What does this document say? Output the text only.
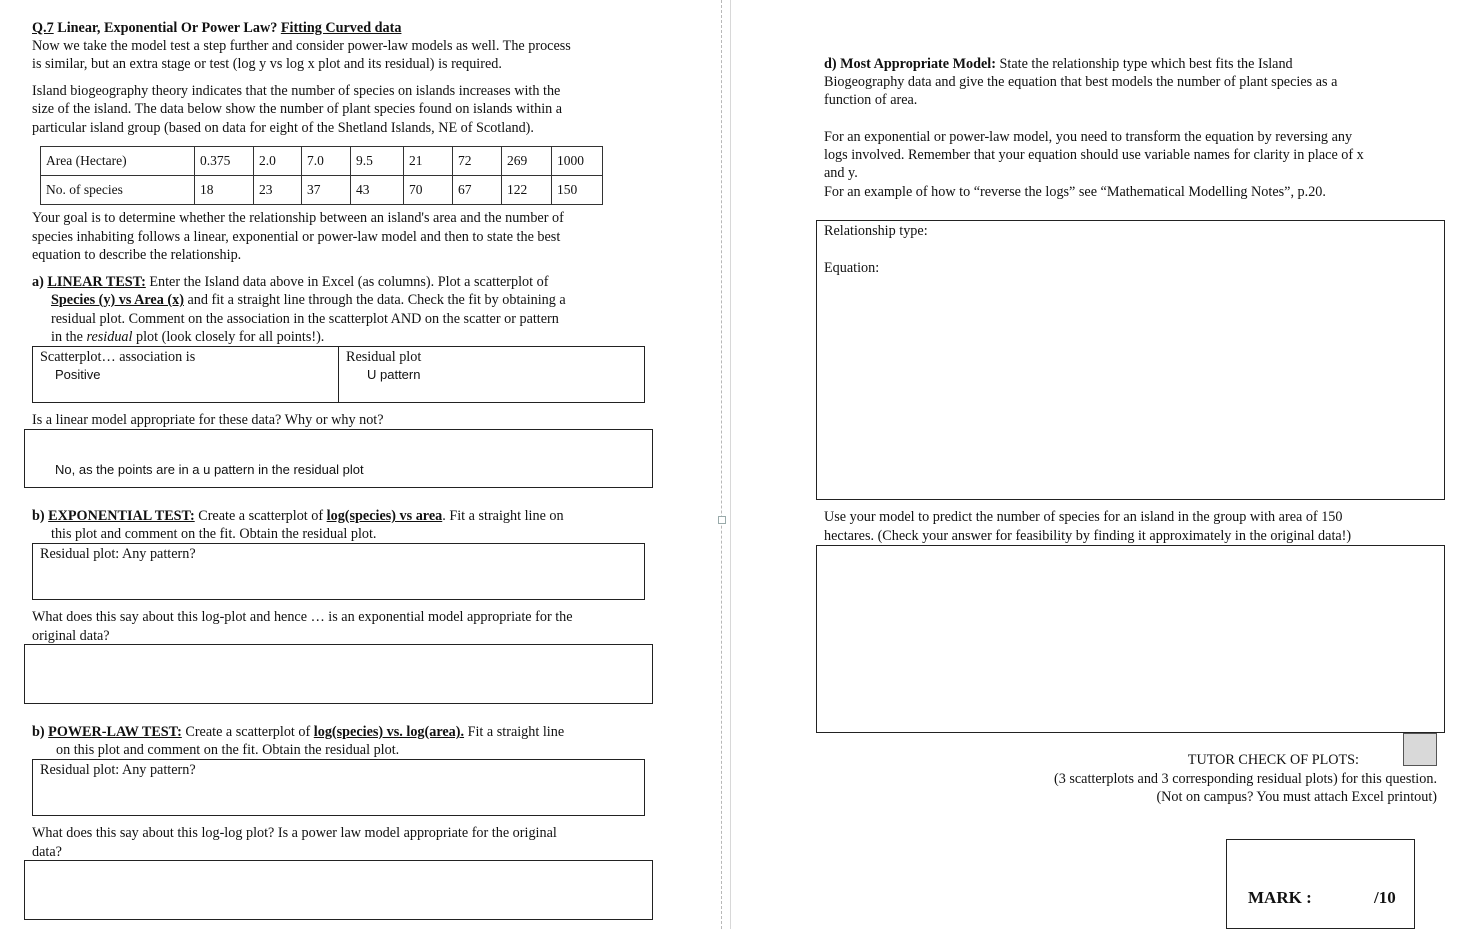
Q.7 Linear, Exponential Or Power Law? Fitting Curved data
Now we take the model test a step further and consider power-law models as well. The process
is similar, but an extra stage or test (log y vs log x plot and its residual) is required.
Island biogeography theory indicates that the number of species on islands increases with the
size of the island. The data below show the number of plant species found on islands within a
particular island group (based on data for eight of the Shetland Islands, NE of Scotland).
Area (Hectare)	0.375	2.0	7.0	9.5	21	72	269	1000
No. of species	18	23	37	43	70	67	122	150
Your goal is to determine whether the relationship between an island's area and the number of
species inhabiting follows a linear, exponential or power-law model and then to state the best
equation to describe the relationship.
a) LINEAR TEST: Enter the Island data above in Excel (as columns). Plot a scatterplot of
Species (y) vs Area (x) and fit a straight line through the data. Check the fit by obtaining a
residual plot. Comment on the association in the scatterplot AND on the scatter or pattern
in the residual plot (look closely for all points!).
Scatterplot… association is
Positive
Residual plot
U pattern
Is a linear model appropriate for these data? Why or why not?
No, as the points are in a u pattern in the residual plot
b) EXPONENTIAL TEST: Create a scatterplot of log(species) vs area. Fit a straight line on
this plot and comment on the fit. Obtain the residual plot.
Residual plot: Any pattern?
What does this say about this log-plot and hence … is an exponential model appropriate for the
original data?
b) POWER-LAW TEST: Create a scatterplot of log(species) vs. log(area). Fit a straight line
on this plot and comment on the fit. Obtain the residual plot.
Residual plot: Any pattern?
What does this say about this log-log plot? Is a power law model appropriate for the original
data?
d) Most Appropriate Model: State the relationship type which best fits the Island
Biogeography data and give the equation that best models the number of plant species as a
function of area.
For an exponential or power-law model, you need to transform the equation by reversing any
logs involved. Remember that your equation should use variable names for clarity in place of x
and y.
For an example of how to “reverse the logs” see “Mathematical Modelling Notes”, p.20.
Relationship type:
Equation:
Use your model to predict the number of species for an island in the group with area of 150
hectares. (Check your answer for feasibility by finding it approximately in the original data!)
TUTOR CHECK OF PLOTS:
(3 scatterplots and 3 corresponding residual plots) for this question.
(Not on campus? You must attach Excel printout)
MARK :	/10
